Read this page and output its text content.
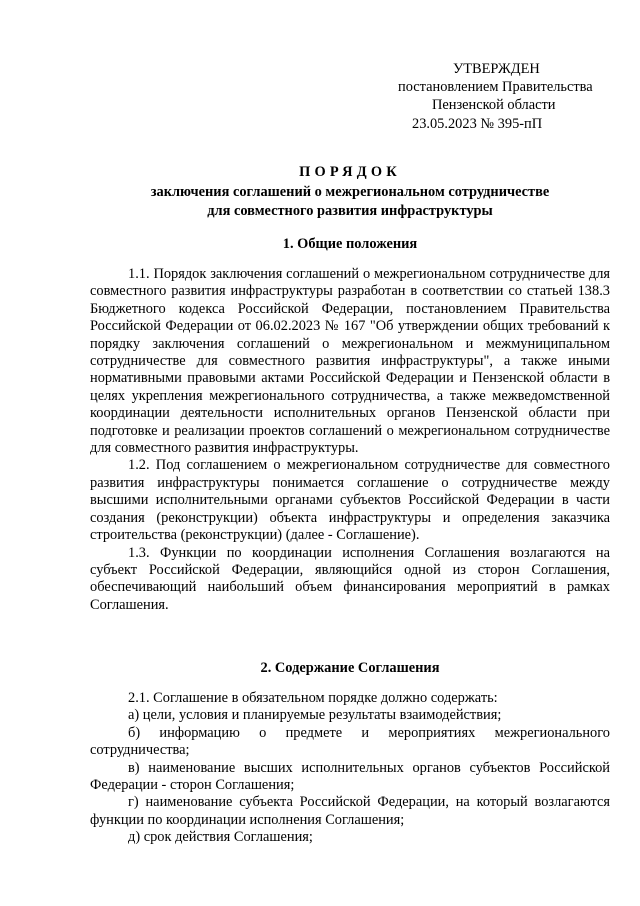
УТВЕРЖДЕН
постановлением Правительства
Пензенской области
23.05.2023 № 395-пП
ПОРЯДОК
заключения соглашений о межрегиональном сотрудничестве
для совместного развития инфраструктуры
1. Общие положения

1.1. Порядок заключения соглашений о межрегиональном сотрудничестве для совместного развития инфраструктуры разработан в соответствии со статьей 138.3 Бюджетного кодекса Российской Федерации, постановлением Правительства Российской Федерации от 06.02.2023 № 167 "Об утверждении общих требований к порядку заключения соглашений о межрегиональном и межмуниципальном сотрудничестве для совместного развития инфраструктуры", а также иными нормативными правовыми актами Российской Федерации и Пензенской области в целях укрепления межрегионального сотрудничества, а также межведомственной координации деятельности исполнительных органов Пензенской области при подготовке и реализации проектов соглашений о межрегиональном сотрудничестве для совместного развития инфраструктуры.

1.2. Под соглашением о межрегиональном сотрудничестве для совместного развития инфраструктуры понимается соглашение о сотрудничестве между высшими исполнительными органами субъектов Российской Федерации в части создания (реконструкции) объекта инфраструктуры и определения заказчика строительства (реконструкции) (далее - Соглашение).

1.3. Функции по координации исполнения Соглашения возлагаются на субъект Российской Федерации, являющийся одной из сторон Соглашения, обеспечивающий наибольший объем финансирования мероприятий в рамках Соглашения.

2. Содержание Соглашения

2.1. Соглашение в обязательном порядке должно содержать:

а) цели, условия и планируемые результаты взаимодействия;

б) информацию о предмете и мероприятиях межрегионального сотрудничества;

в) наименование высших исполнительных органов субъектов Российской Федерации - сторон Соглашения;

г) наименование субъекта Российской Федерации, на который возлагаются функции по координации исполнения Соглашения;

д) срок действия Соглашения;
